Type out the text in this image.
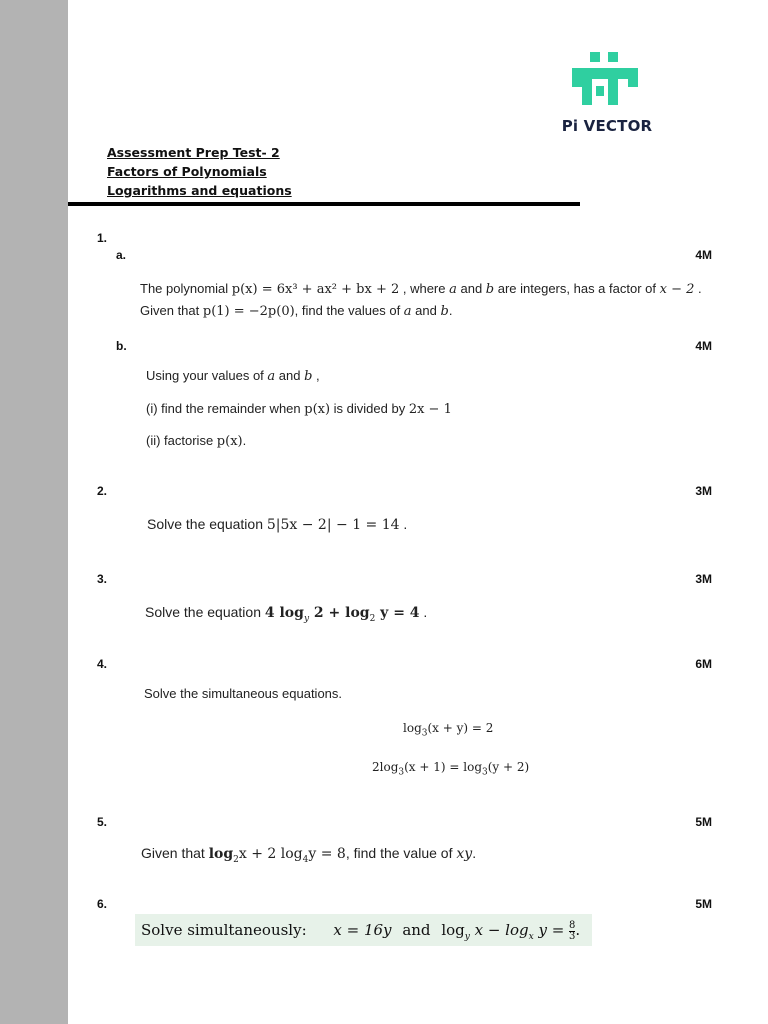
Pi VECTOR
Assessment Prep Test- 2
Factors of Polynomials
Logarithms and equations
1.
a.	4M
The polynomial p(x) = 6x³ + ax² + bx + 2 , where a and b are integers, has a factor of x − 2 .
Given that p(1) = −2p(0), find the values of a and b.
b.	4M
Using your values of a and b ,
(i) find the remainder when p(x) is divided by 2x − 1
(ii) factorise p(x).
2.	3M
Solve the equation 5|5x − 2| − 1 = 14 .
3.	3M
Solve the equation 4 $\log_y 2 + \log_2 y = 4$ .
4.	6M
Solve the simultaneous equations.
$\log_3(x + y) = 2$
$2\log_3(x + 1) = \log_3(y + 2)$
5.	5M
Given that $\log_2x + 2$ $\log_4y = 8$, find the value of xy.
6.	5M
Solve simultaneously: x = 16y and $\log_y x - \log_x y = \frac{8}{3}$ .
